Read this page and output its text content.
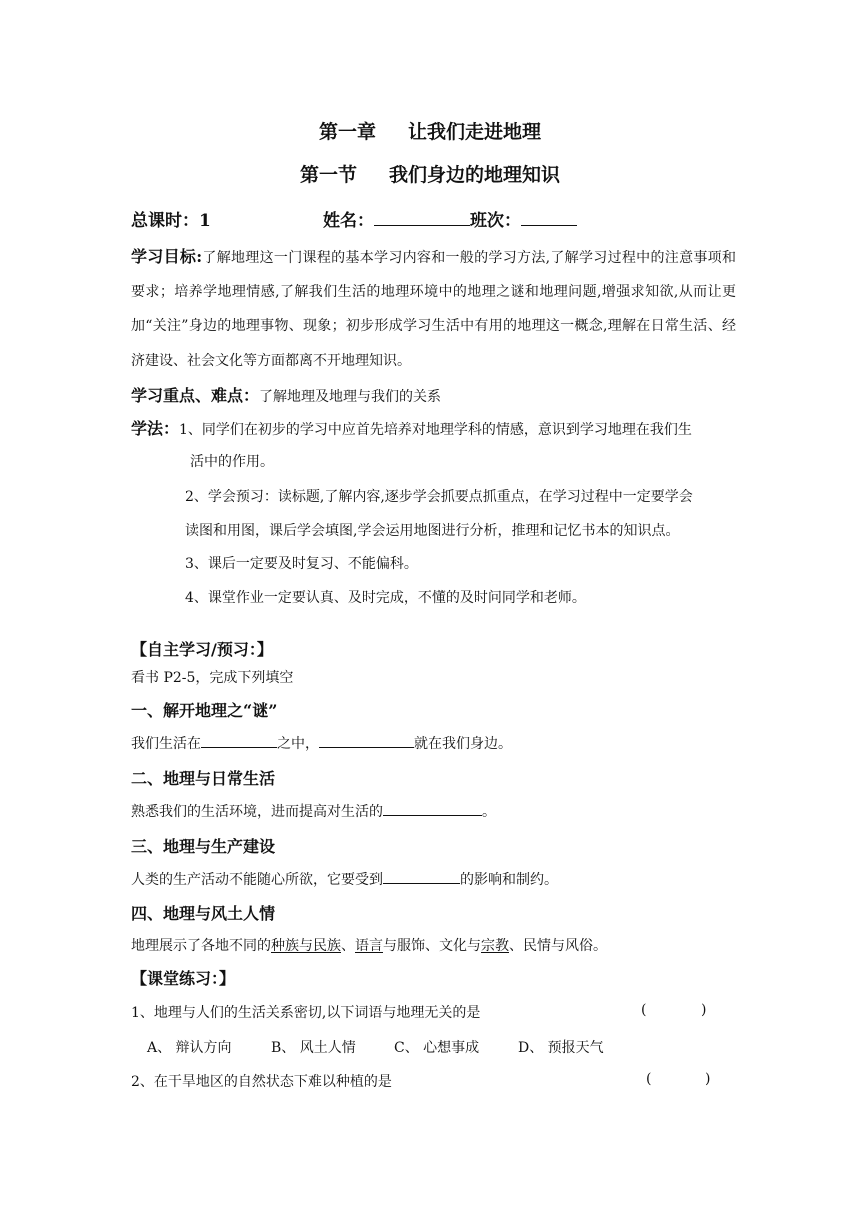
第一章 让我们走进地理
第一节 我们身边的地理知识
总课时：1	姓名：	班次：
学习目标:了解地理这一门课程的基本学习内容和一般的学习方法,了解学习过程中的注意事项和要求；培养学地理情感,了解我们生活的地理环境中的地理之谜和地理问题,增强求知欲,从而让更加“关注”身边的地理事物、现象；初步形成学习生活中有用的地理这一概念,理解在日常生活、经济建设、社会文化等方面都离不开地理知识。
学习重点、难点：了解地理及地理与我们的关系
学法：1、同学们在初步的学习中应首先培养对地理学科的情感，意识到学习地理在我们生
活中的作用。
2、学会预习：读标题,了解内容,逐步学会抓要点抓重点，在学习过程中一定要学会
读图和用图，课后学会填图,学会运用地图进行分析，推理和记忆书本的知识点。
3、课后一定要及时复习、不能偏科。
4、课堂作业一定要认真、及时完成，不懂的及时问同学和老师。
【自主学习/预习：】
看书 P2-5，完成下列填空
一、解开地理之“谜”
我们生活在	之中，	就在我们身边。
二、地理与日常生活
熟悉我们的生活环境，进而提高对生活的	。
三、地理与生产建设
人类的生产活动不能随心所欲，它要受到	的影响和制约。
四、地理与风土人情
地理展示了各地不同的种族与民族、语言与服饰、文化与宗教、民情与风俗。
【课堂练习：】
1、地理与人们的生活关系密切,以下词语与地理无关的是	(	)
A、 辩认方向	B、 风土人情	C、 心想事成	D、 预报天气
2、在干旱地区的自然状态下难以种植的是	(	)
